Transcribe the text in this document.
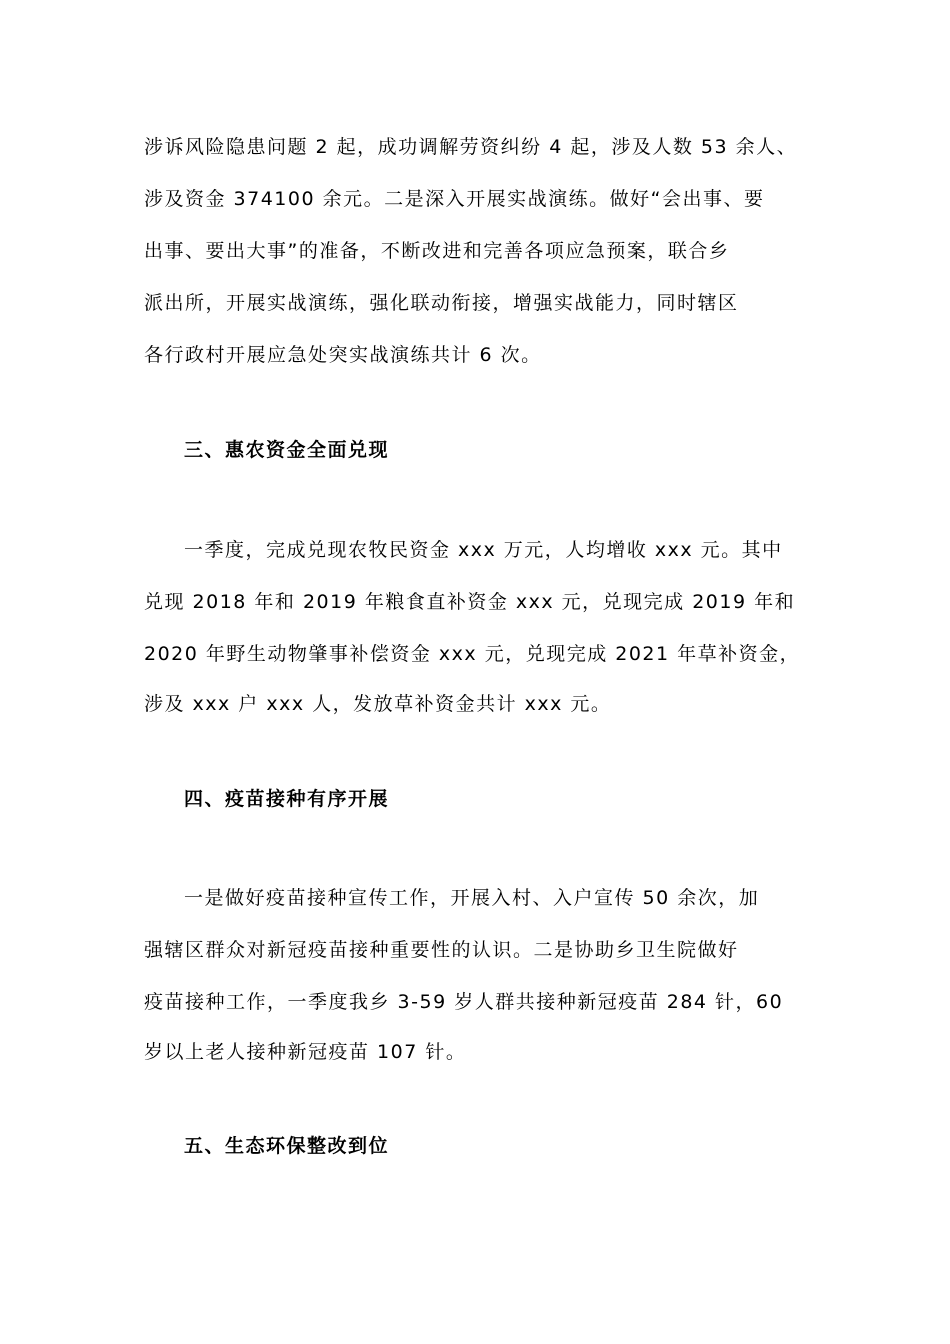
涉诉风险隐患问题 2 起，成功调解劳资纠纷 4 起，涉及人数 53 余人、
涉及资金 374100 余元。二是深入开展实战演练。做好“会出事、要
出事、要出大事”的准备，不断改进和完善各项应急预案，联合乡
派出所，开展实战演练，强化联动衔接，增强实战能力，同时辖区
各行政村开展应急处突实战演练共计 6 次。
三、惠农资金全面兑现
一季度，完成兑现农牧民资金 xxx 万元，人均增收 xxx 元。其中
兑现 2018 年和 2019 年粮食直补资金 xxx 元，兑现完成 2019 年和
2020 年野生动物肇事补偿资金 xxx 元，兑现完成 2021 年草补资金，
涉及 xxx 户 xxx 人，发放草补资金共计 xxx 元。
四、疫苗接种有序开展
一是做好疫苗接种宣传工作，开展入村、入户宣传 50 余次，加
强辖区群众对新冠疫苗接种重要性的认识。二是协助乡卫生院做好
疫苗接种工作，一季度我乡 3-59 岁人群共接种新冠疫苗 284 针，60
岁以上老人接种新冠疫苗 107 针。
五、生态环保整改到位
